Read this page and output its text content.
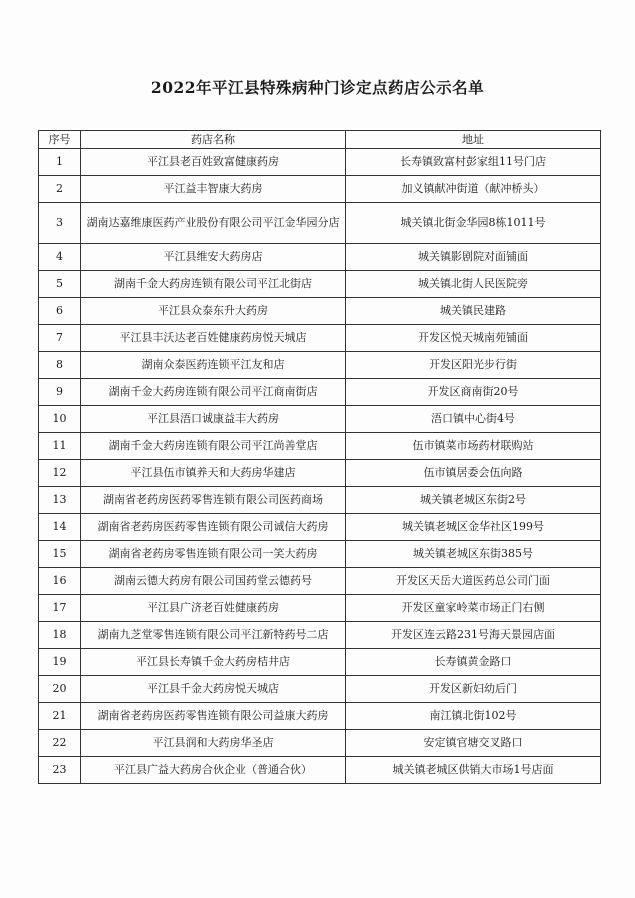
2022年平江县特殊病种门诊定点药店公示名单
序号	药店名称	地址
1	平江县老百姓致富健康药房	长寿镇致富村彭家组11号门店
2	平江益丰智康大药房	加义镇献冲街道（献冲桥头）
3	湖南达嘉维康医药产业股份有限公司平江金华园分店	城关镇北街金华园8栋1011号
4	平江县维安大药房店	城关镇影剧院对面铺面
5	湖南千金大药房连锁有限公司平江北街店	城关镇北街人民医院旁
6	平江县众泰东升大药房	城关镇民建路
7	平江县丰沃达老百姓健康药房悦天城店	开发区悦天城南苑铺面
8	湖南众泰医药连锁平江友和店	开发区阳光步行街
9	湖南千金大药房连锁有限公司平江商南街店	开发区商南街20号
10	平江县浯口诚康益丰大药房	浯口镇中心街4号
11	湖南千金大药房连锁有限公司平江尚善堂店	伍市镇菜市场药材联购站
12	平江县伍市镇养天和大药房华建店	伍市镇居委会伍向路
13	湖南省老药房医药零售连锁有限公司医药商场	城关镇老城区东街2号
14	湖南省老药房医药零售连锁有限公司诚信大药房	城关镇老城区金华社区199号
15	湖南省老药房零售连锁有限公司一笑大药房	城关镇老城区东街385号
16	湖南云德大药房有限公司国药堂云德药号	开发区天岳大道医药总公司门面
17	平江县广济老百姓健康药房	开发区童家岭菜市场正门右侧
18	湖南九芝堂零售连锁有限公司平江新特药号二店	开发区连云路231号海天景园店面
19	平江县长寿镇千金大药房桔井店	长寿镇黄金路口
20	平江县千金大药房悦天城店	开发区新妇幼后门
21	湖南省老药房医药零售连锁有限公司益康大药房	南江镇北街102号
22	平江县润和大药房华圣店	安定镇官塘交叉路口
23	平江县广益大药房合伙企业（普通合伙）	城关镇老城区供销大市场1号店面
